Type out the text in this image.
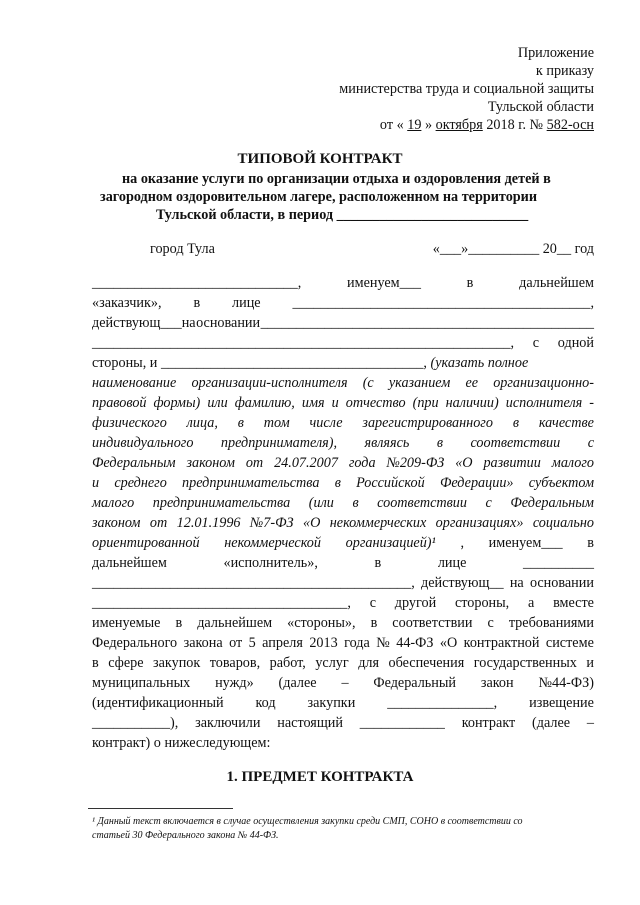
Приложение
к приказу
министерства труда и социальной защиты
Тульской области
от « 19 » октября 2018 г. № 582-осн
ТИПОВОЙ КОНТРАКТ
на оказание услуги по организации отдыха и оздоровления детей в
загородном оздоровительном лагере, расположенном на территории
Тульской области, в период ___________________________
город Тула	«___»__________ 20__ год
_____________________________,	именуем___	в	дальнейшем
«заказчик», в лице __________________________________________,
действующ___на основании _______________________________________________
___________________________________________________________, с одной
стороны, и _____________________________________, (указать полное
наименование организации-исполнителя (с указанием ее организационно-
правовой формы) или фамилию, имя и отчество (при наличии) исполнителя -
физического лица, в том числе зарегистрированного в качестве
индивидуального предпринимателя), являясь в соответствии с
Федеральным законом от 24.07.2007 года №209-ФЗ «О развитии малого
и среднего предпринимательства в Российской Федерации» субъектом
малого предпринимательства (или в соответствии с Федеральным
законом от 12.01.1996 №7-ФЗ «О некоммерческих организациях» социально
ориентированной некоммерческой организацией)¹ , именуем___ в
дальнейшем	«исполнитель»,	в	лице	__________
_____________________________________________, действующ__ на основании
____________________________________, с другой стороны, а вместе
именуемые в дальнейшем «стороны», в соответствии с требованиями
Федерального закона от 5 апреля 2013 года № 44-ФЗ «О контрактной системе
в сфере закупок товаров, работ, услуг для обеспечения государственных и
муниципальных нужд» (далее – Федеральный закон №44-ФЗ)
(идентификационный код закупки _______________, извещение
___________), заключили настоящий ____________ контракт (далее –
контракт) о нижеследующем:
1. ПРЕДМЕТ КОНТРАКТА
¹ Данный текст включается в случае осуществления закупки среди СМП, СОНО в соответствии со
статьей 30 Федерального закона № 44-ФЗ.
